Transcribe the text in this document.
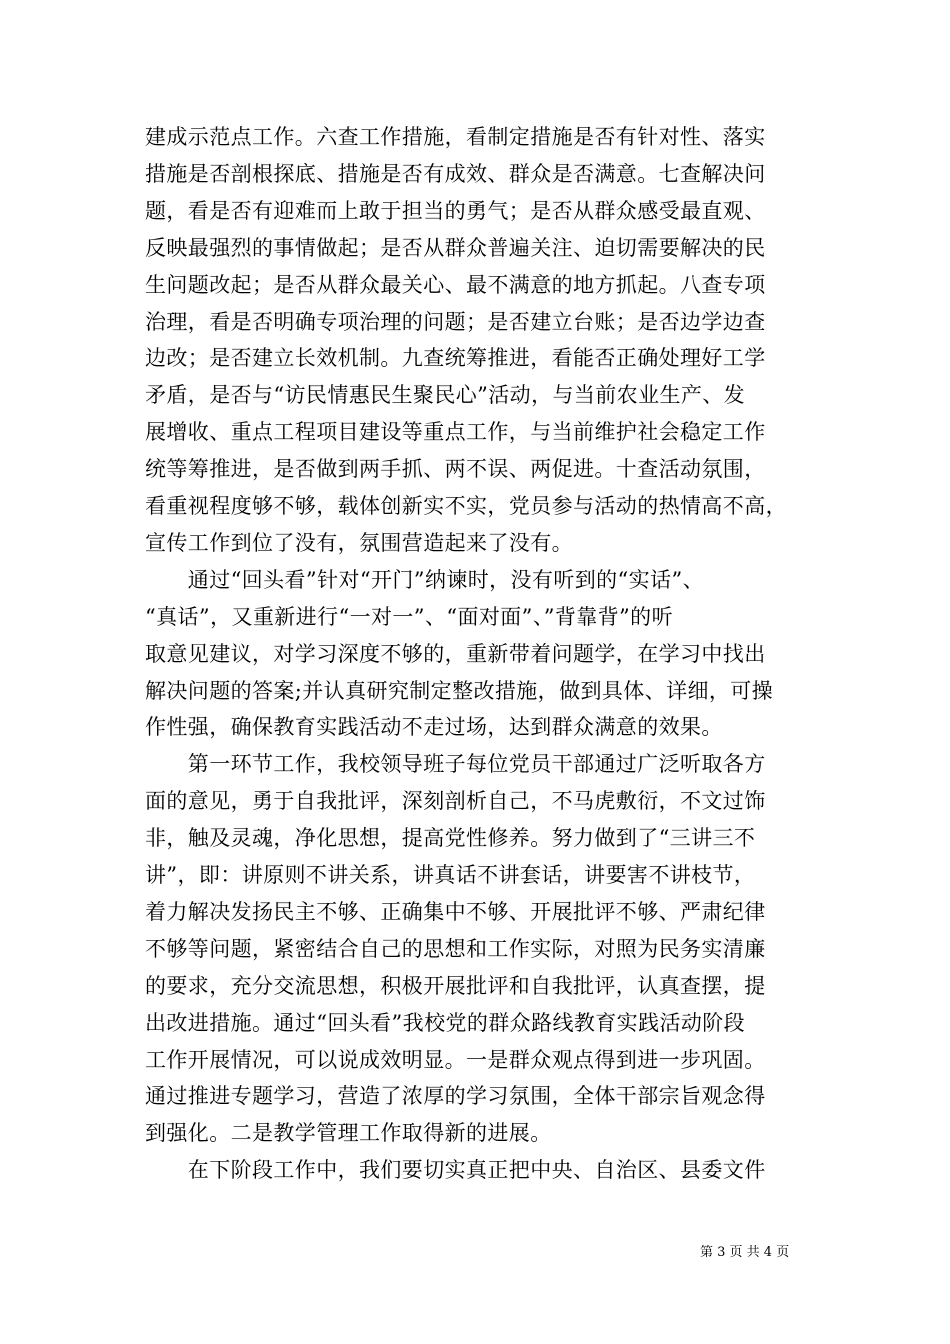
建成示范点工作。六查工作措施，看制定措施是否有针对性、落实
措施是否剖根探底、措施是否有成效、群众是否满意。七查解决问
题，看是否有迎难而上敢于担当的勇气；是否从群众感受最直观、
反映最强烈的事情做起；是否从群众普遍关注、迫切需要解决的民
生问题改起；是否从群众最关心、最不满意的地方抓起。八查专项
治理，看是否明确专项治理的问题；是否建立台账；是否边学边查
边改；是否建立长效机制。九查统筹推进，看能否正确处理好工学
矛盾，是否与“访民情惠民生聚民心”活动，与当前农业生产、发
展增收、重点工程项目建设等重点工作，与当前维护社会稳定工作
统等筹推进，是否做到两手抓、两不误、两促进。十查活动氛围，
看重视程度够不够，载体创新实不实，党员参与活动的热情高不高，
宣传工作到位了没有，氛围营造起来了没有。
　　通过“回头看”针对“开门”纳谏时，没有听到的“实话”、
“真话”，又重新进行“一对一”、“面对面”、”背靠背”的听
取意见建议，对学习深度不够的，重新带着问题学，在学习中找出
解决问题的答案;并认真研究制定整改措施，做到具体、详细，可操
作性强，确保教育实践活动不走过场，达到群众满意的效果。
　　第一环节工作，我校领导班子每位党员干部通过广泛听取各方
面的意见，勇于自我批评，深刻剖析自己，不马虎敷衍，不文过饰
非，触及灵魂，净化思想，提高党性修养。努力做到了“三讲三不
讲”，即：讲原则不讲关系，讲真话不讲套话，讲要害不讲枝节，
着力解决发扬民主不够、正确集中不够、开展批评不够、严肃纪律
不够等问题，紧密结合自己的思想和工作实际，对照为民务实清廉
的要求，充分交流思想，积极开展批评和自我批评，认真查摆，提
出改进措施。通过“回头看”我校党的群众路线教育实践活动阶段
工作开展情况，可以说成效明显。一是群众观点得到进一步巩固。
通过推进专题学习，营造了浓厚的学习氛围，全体干部宗旨观念得
到强化。二是教学管理工作取得新的进展。
　　在下阶段工作中，我们要切实真正把中央、自治区、县委文件
第 3 页 共 4 页
